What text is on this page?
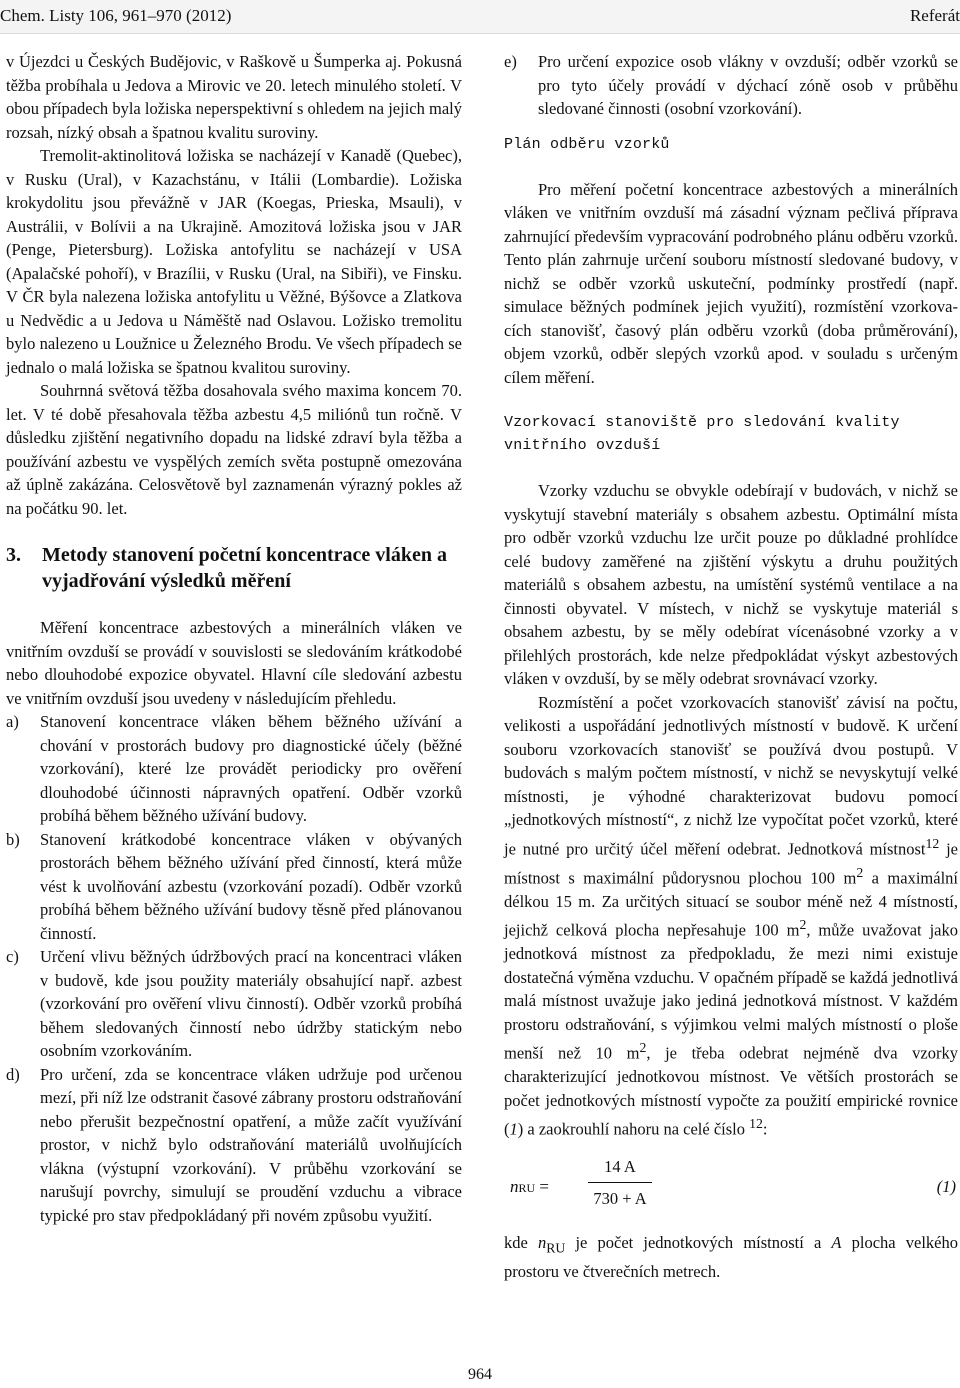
Chem. Listy 106, 961–970 (2012)	Referát

v Újezdci u Českých Budějovic, v Raškově u Šumperka aj. Pokusná těžba probíhala u Jedova a Mirovic ve 20. letech minulého století. V obou případech byla ložiska neperspektivní s ohledem na jejich malý rozsah, nízký obsah a špatnou kvalitu suroviny.

Tremolit-aktinolitová ložiska se nacházejí v Kanadě (Quebec), v Rusku (Ural), v Kazachstánu, v Itálii (Lombardie). Ložiska krokydolitu jsou převážně v JAR (Koegas, Prieska, Msauli), v Austrálii, v Bolívii a na Ukrajině. Amozitová ložiska jsou v JAR (Penge, Pietersburg). Ložiska antofylitu se nacházejí v USA (Apalačské pohoří), v Brazílii, v Rusku (Ural, na Sibiři), ve Finsku. V ČR byla nalezena ložiska antofylitu u Věžné, Býšovce a Zlatkova u Nedvědic a u Jedova u Náměště nad Oslavou. Ložisko tremolitu bylo nalezeno u Loužnice u Železného Brodu. Ve všech případech se jednalo o malá ložiska se špatnou kvalitou suroviny.

Souhrnná světová těžba dosahovala svého maxima koncem 70. let. V té době přesahovala těžba azbestu 4,5 miliónů tun ročně. V důsledku zjištění negativního dopadu na lidské zdraví byla těžba a používání azbestu ve vyspělých zemích světa postupně omezována až úplně zakázána. Celosvětově byl zaznamenán výrazný pokles až na počátku 90. let.

3.	Metody stanovení početní koncentrace vláken a vyjadřování výsledků měření

Měření koncentrace azbestových a minerálních vláken ve vnitřním ovzduší se provádí v souvislosti se sledováním krátkodobé nebo dlouhodobé expozice obyvatel. Hlavní cíle sledování azbestu ve vnitřním ovzduší jsou uvedeny v následujícím přehledu.

a)	Stanovení koncentrace vláken během běžného užívání a chování v prostorách budovy pro diagnostické účely (běžné vzorkování), které lze provádět periodicky pro ověření dlouhodobé účinnosti nápravných opatření. Odběr vzorků probíhá během běžného užívání budovy.
b)	Stanovení krátkodobé koncentrace vláken v obývaných prostorách během běžného užívání před činností, která může vést k uvolňování azbestu (vzorkování pozadí). Odběr vzorků probíhá během běžného užívání budovy těsně před plánovanou činností.
c)	Určení vlivu běžných údržbových prací na koncentraci vláken v budově, kde jsou použity materiály obsahující např. azbest (vzorkování pro ověření vlivu činností). Odběr vzorků probíhá během sledovaných činností nebo údržby statickým nebo osobním vzorkováním.
d)	Pro určení, zda se koncentrace vláken udržuje pod určenou mezí, při níž lze odstranit časové zábrany prostoru odstraňování nebo přerušit bezpečnostní opatření, a může začít využívání prostor, v nichž bylo odstraňování materiálů uvolňujících vlákna (výstupní vzorkování). V průběhu vzorkování se narušují povrchy, simulují se proudění vzduchu a vibrace typické pro stav předpokládaný při novém způsobu využití.
e)	Pro určení expozice osob vlákny v ovzduší; odběr vzorků se pro tyto účely provádí v dýchací zóně osob v průběhu sledované činnosti (osobní vzorkování).
Plán odběru vzorků

Pro měření početní koncentrace azbestových a minerálních vláken ve vnitřním ovzduší má zásadní význam pečlivá příprava zahrnující především vypracování podrobného plánu odběru vzorků. Tento plán zahrnuje určení souboru místností sledované budovy, v nichž se odběr vzorků uskuteční, podmínky prostředí (např. simulace běžných podmínek jejich využití), rozmístění vzorkovacích stanovišť, časový plán odběru vzorků (doba průměrování), objem vzorků, odběr slepých vzorků apod. v souladu s určeným cílem měření.

Vzorkovací stanoviště pro sledování kvality vnitřního ovzduší

Vzorky vzduchu se obvykle odebírají v budovách, v nichž se vyskytují stavební materiály s obsahem azbestu. Optimální místa pro odběr vzorků vzduchu lze určit pouze po důkladné prohlídce celé budovy zaměřené na zjištění výskytu a druhu použitých materiálů s obsahem azbestu, na umístění systémů ventilace a na činnosti obyvatel. V místech, v nichž se vyskytuje materiál s obsahem azbestu, by se měly odebírat vícenásobné vzorky a v přilehlých prostorách, kde nelze předpokládat výskyt azbestových vláken v ovzduší, by se měly odebrat srovnávací vzorky.

Rozmístění a počet vzorkovacích stanovišť závisí na počtu, velikosti a uspořádání jednotlivých místností v budově. K určení souboru vzorkovacích stanovišť se používá dvou postupů. V budovách s malým počtem místností, v nichž se nevyskytují velké místnosti, je výhodné charakterizovat budovu pomocí „jednotkových místností“, z nichž lze vypočítat počet vzorků, které je nutné pro určitý účel měření odebrat. Jednotková místnost$^{12}$ je místnost s maximální půdorysnou plochou 100 $m^2$ a maximální délkou 15 m. Za určitých situací se soubor méně než 4 místností, jejichž celková plocha nepřesahuje 100 $m^2$, může uvažovat jako jednotková místnost za předpokladu, že mezi nimi existuje dostatečná výměna vzduchu. V opačném případě se každá jednotlivá malá místnost uvažuje jako jediná jednotková místnost. V každém prostoru odstraňování, s výjimkou velmi malých místností o ploše menší než 10 $m^2$, je třeba odebrat nejméně dva vzorky charakterizující jednotkovou místnost. Ve větších prostorách se počet jednotkových místností vypočte za použití empirické rovnice (1) a zaokrouhlí nahoru na celé číslo $^{12}$:

nRU =
14 A
730 + A
(1)

kde $n_{RU}$ je počet jednotkových místností a A plocha velkého prostoru ve čtverečních metrech.

964
